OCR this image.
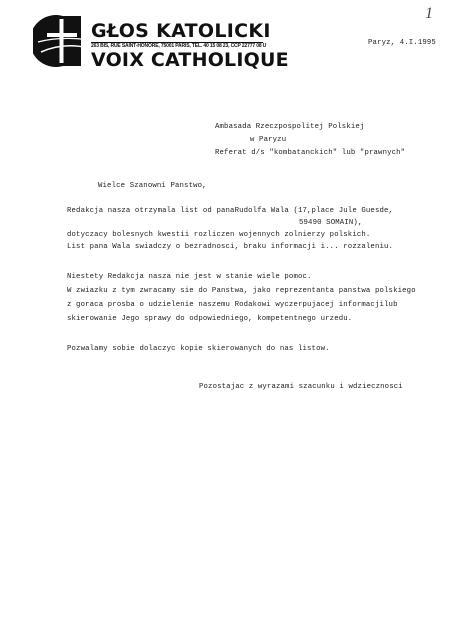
GŁOS KATOLICKI
263 BIS, RUE SAINT-HONORE, 75001 PARIS, TEL. 40 15 08 23, CCP 22777 08 U
VOIX CATHOLIQUE
1
Paryz, 4.I.1995
Ambasada Rzeczpospolitej Polskiej
w Paryzu
Referat d/s "kombatanckich" lub "prawnych"
Wielce Szanowni Panstwo,
Redakcja nasza otrzymala list od panaRudolfa Wala (17,place Jule Guesde,
59490 SOMAIN),
dotyczacy bolesnych kwestii rozliczen wojennych zolnierzy polskich.
List pana Wala swiadczy o bezradnosci, braku informacji i... rozzaleniu.
Niestety Redakcja nasza nie jest w stanie wiele pomoc.
W zwiazku z tym zwracamy sie do Panstwa, jako reprezentanta panstwa polskiego
z goraca prosba o udzielenie naszemu Rodakowi wyczerpujacej informacjilub
skierowanie Jego sprawy do odpowiedniego, kompetentnego urzedu.
Pozwalamy sobie dolaczyc kopie skierowanych do nas listow.
Pozostajac z wyrazami szacunku i wdziecznosci
